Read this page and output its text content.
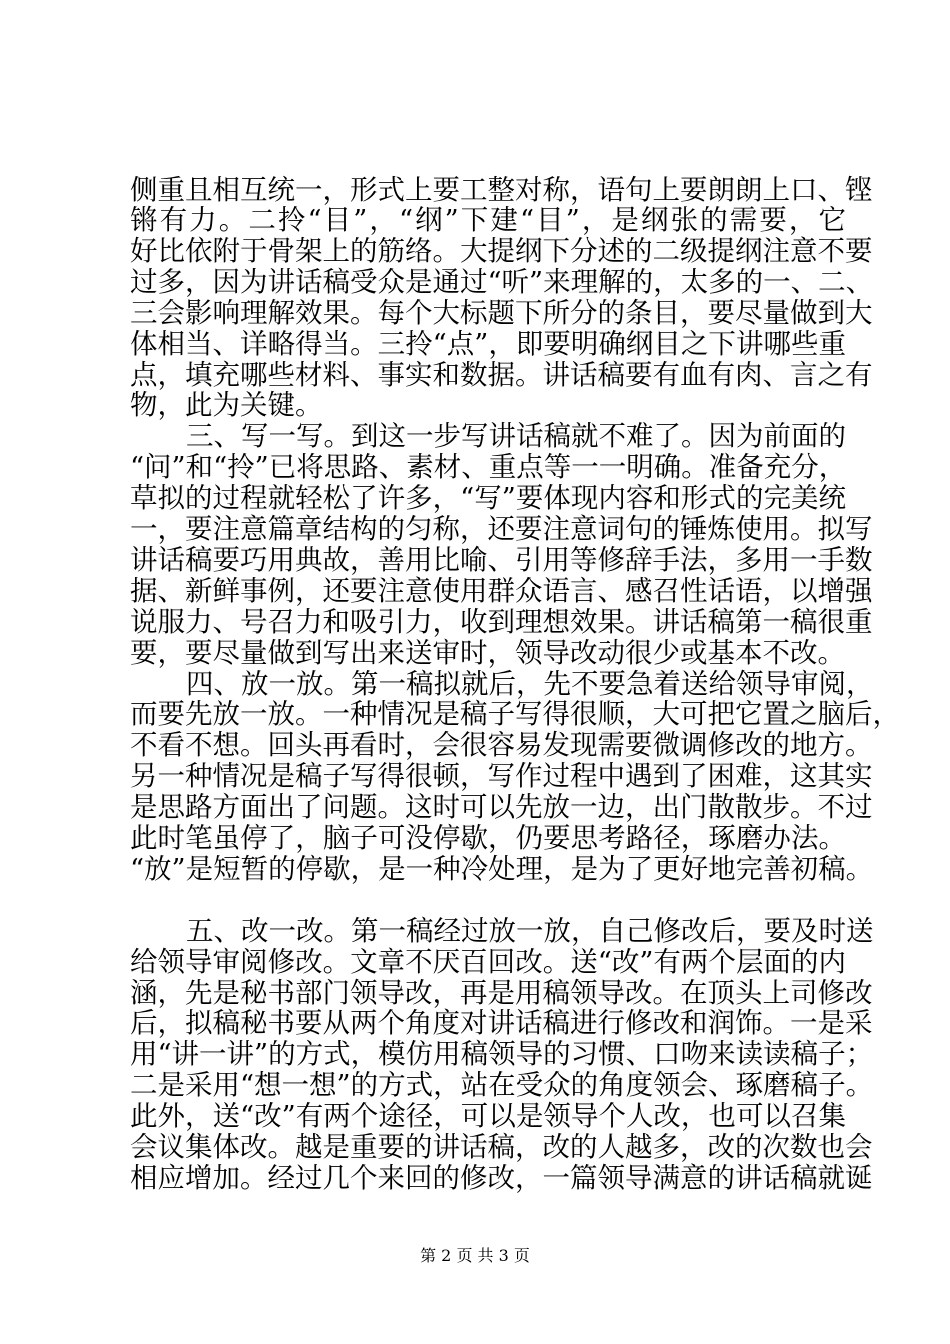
侧重且相互统一，形式上要工整对称，语句上要朗朗上口、铿
锵有力。二拎“目”，“纲”下建“目”，是纲张的需要，它
好比依附于骨架上的筋络。大提纲下分述的二级提纲注意不要
过多，因为讲话稿受众是通过“听”来理解的，太多的一、二、
三会影响理解效果。每个大标题下所分的条目，要尽量做到大
体相当、详略得当。三拎“点”，即要明确纲目之下讲哪些重
点，填充哪些材料、事实和数据。讲话稿要有血有肉、言之有
物，此为关键。
三、写一写。到这一步写讲话稿就不难了。因为前面的
“问”和“拎”已将思路、素材、重点等一一明确。准备充分，
草拟的过程就轻松了许多，“写”要体现内容和形式的完美统
一，要注意篇章结构的匀称，还要注意词句的锤炼使用。拟写
讲话稿要巧用典故，善用比喻、引用等修辞手法，多用一手数
据、新鲜事例，还要注意使用群众语言、感召性话语，以增强
说服力、号召力和吸引力，收到理想效果。讲话稿第一稿很重
要，要尽量做到写出来送审时，领导改动很少或基本不改。
四、放一放。第一稿拟就后，先不要急着送给领导审阅，
而要先放一放。一种情况是稿子写得很顺，大可把它置之脑后，
不看不想。回头再看时，会很容易发现需要微调修改的地方。
另一种情况是稿子写得很顿，写作过程中遇到了困难，这其实
是思路方面出了问题。这时可以先放一边，出门散散步。不过
此时笔虽停了，脑子可没停歇，仍要思考路径，琢磨办法。
“放”是短暂的停歇，是一种冷处理，是为了更好地完善初稿。
五、改一改。第一稿经过放一放，自己修改后，要及时送
给领导审阅修改。文章不厌百回改。送“改”有两个层面的内
涵，先是秘书部门领导改，再是用稿领导改。在顶头上司修改
后，拟稿秘书要从两个角度对讲话稿进行修改和润饰。一是采
用“讲一讲”的方式，模仿用稿领导的习惯、口吻来读读稿子；
二是采用“想一想”的方式，站在受众的角度领会、琢磨稿子。
此外，送“改”有两个途径，可以是领导个人改，也可以召集
会议集体改。越是重要的讲话稿，改的人越多，改的次数也会
相应增加。经过几个来回的修改，一篇领导满意的讲话稿就诞
第 2 页 共 3 页
